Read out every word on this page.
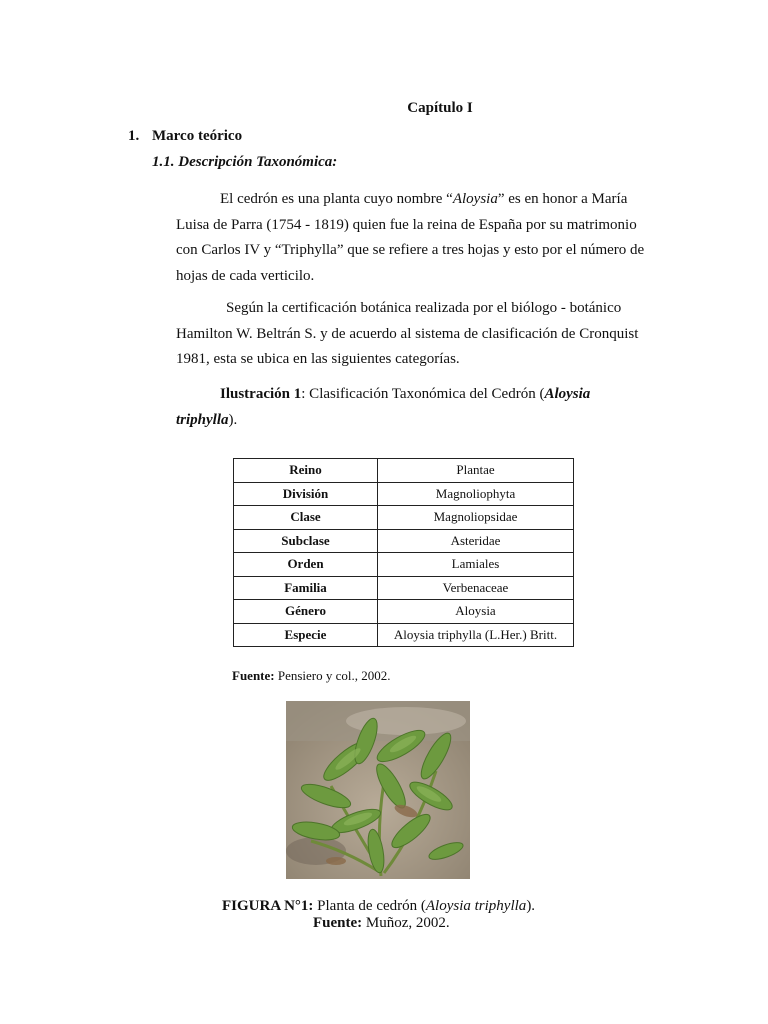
Capítulo I
1. Marco teórico
1.1. Descripción Taxonómica:
El cedrón es una planta cuyo nombre “Aloysia” es en honor a María Luisa de Parra (1754 - 1819) quien fue la reina de España por su matrimonio con Carlos IV y “Triphylla” que se refiere a tres hojas y esto por el número de hojas de cada verticilo.
Según la certificación botánica realizada por el biólogo - botánico Hamilton W. Beltrán S. y de acuerdo al sistema de clasificación de Cronquist 1981, esta se ubica en las siguientes categorías.
Ilustración 1: Clasificación Taxonómica del Cedrón (Aloysia triphylla).
Reino	Plantae
División	Magnoliophyta
Clase	Magnoliopsidae
Subclase	Asteridae
Orden	Lamiales
Familia	Verbenaceae
Género	Aloysia
Especie	Aloysia triphylla (L.Her.) Britt.
Fuente: Pensiero y col., 2002.
FIGURA N°1: Planta de cedrón (Aloysia triphylla).
Fuente: Muñoz, 2002.
